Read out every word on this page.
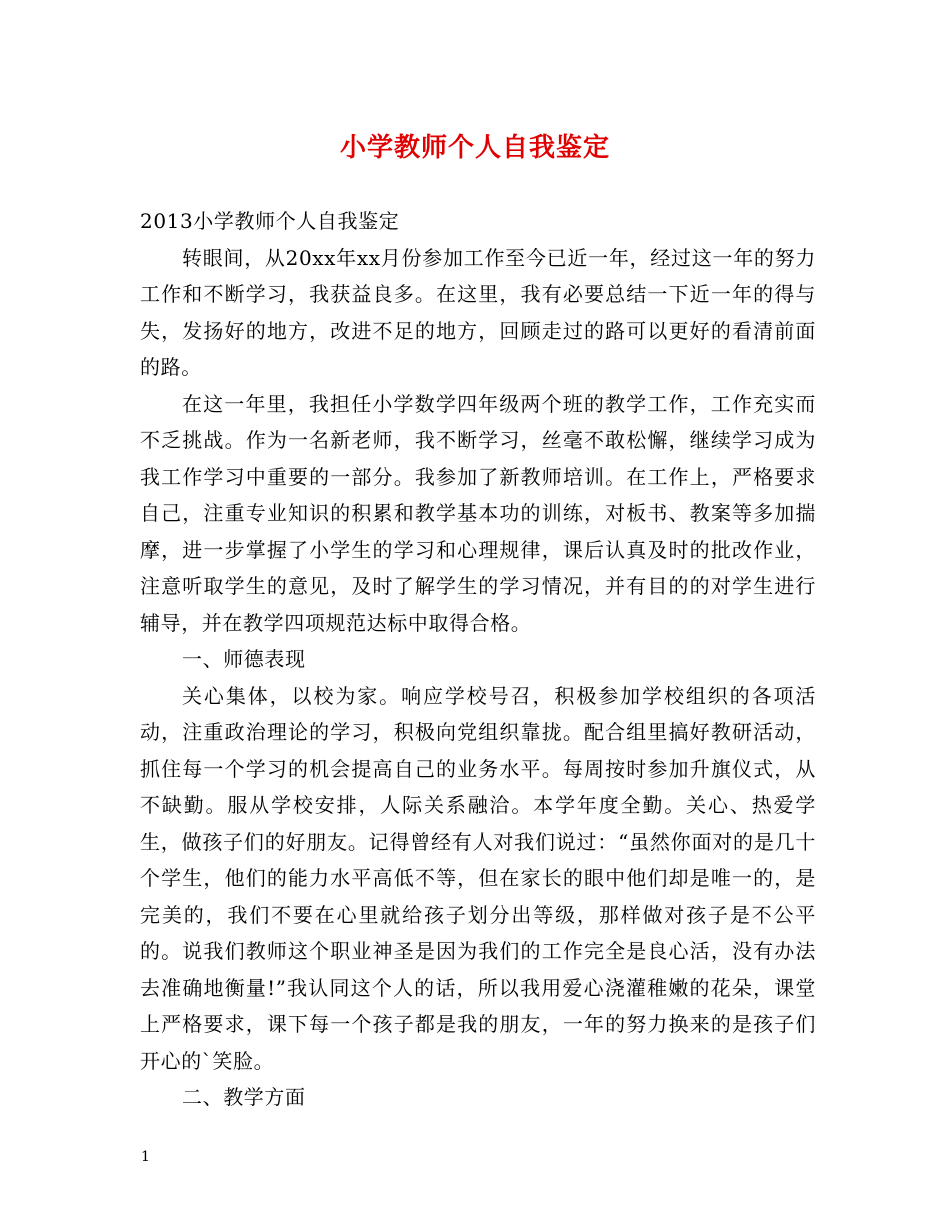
小学教师个人自我鉴定

2013小学教师个人自我鉴定

转眼间，从20xx年xx月份参加工作至今已近一年，经过这一年的努力工作和不断学习，我获益良多。在这里，我有必要总结一下近一年的得与失，发扬好的地方，改进不足的地方，回顾走过的路可以更好的看清前面的路。

在这一年里，我担任小学数学四年级两个班的教学工作，工作充实而不乏挑战。作为一名新老师，我不断学习，丝毫不敢松懈，继续学习成为我工作学习中重要的一部分。我参加了新教师培训。在工作上，严格要求自己，注重专业知识的积累和教学基本功的训练，对板书、教案等多加揣摩，进一步掌握了小学生的学习和心理规律，课后认真及时的批改作业，注意听取学生的意见，及时了解学生的学习情况，并有目的的对学生进行辅导，并在教学四项规范达标中取得合格。

一、师德表现

关心集体，以校为家。响应学校号召，积极参加学校组织的各项活动，注重政治理论的学习，积极向党组织靠拢。配合组里搞好教研活动，抓住每一个学习的机会提高自己的业务水平。每周按时参加升旗仪式，从不缺勤。服从学校安排，人际关系融洽。本学年度全勤。关心、热爱学生，做孩子们的好朋友。记得曾经有人对我们说过：“虽然你面对的是几十个学生，他们的能力水平高低不等，但在家长的眼中他们却是唯一的，是完美的，我们不要在心里就给孩子划分出等级，那样做对孩子是不公平的。说我们教师这个职业神圣是因为我们的工作完全是良心活，没有办法去准确地衡量!”我认同这个人的话，所以我用爱心浇灌稚嫩的花朵，课堂上严格要求，课下每一个孩子都是我的朋友，一年的努力换来的是孩子们开心的`笑脸。

二、教学方面

1
